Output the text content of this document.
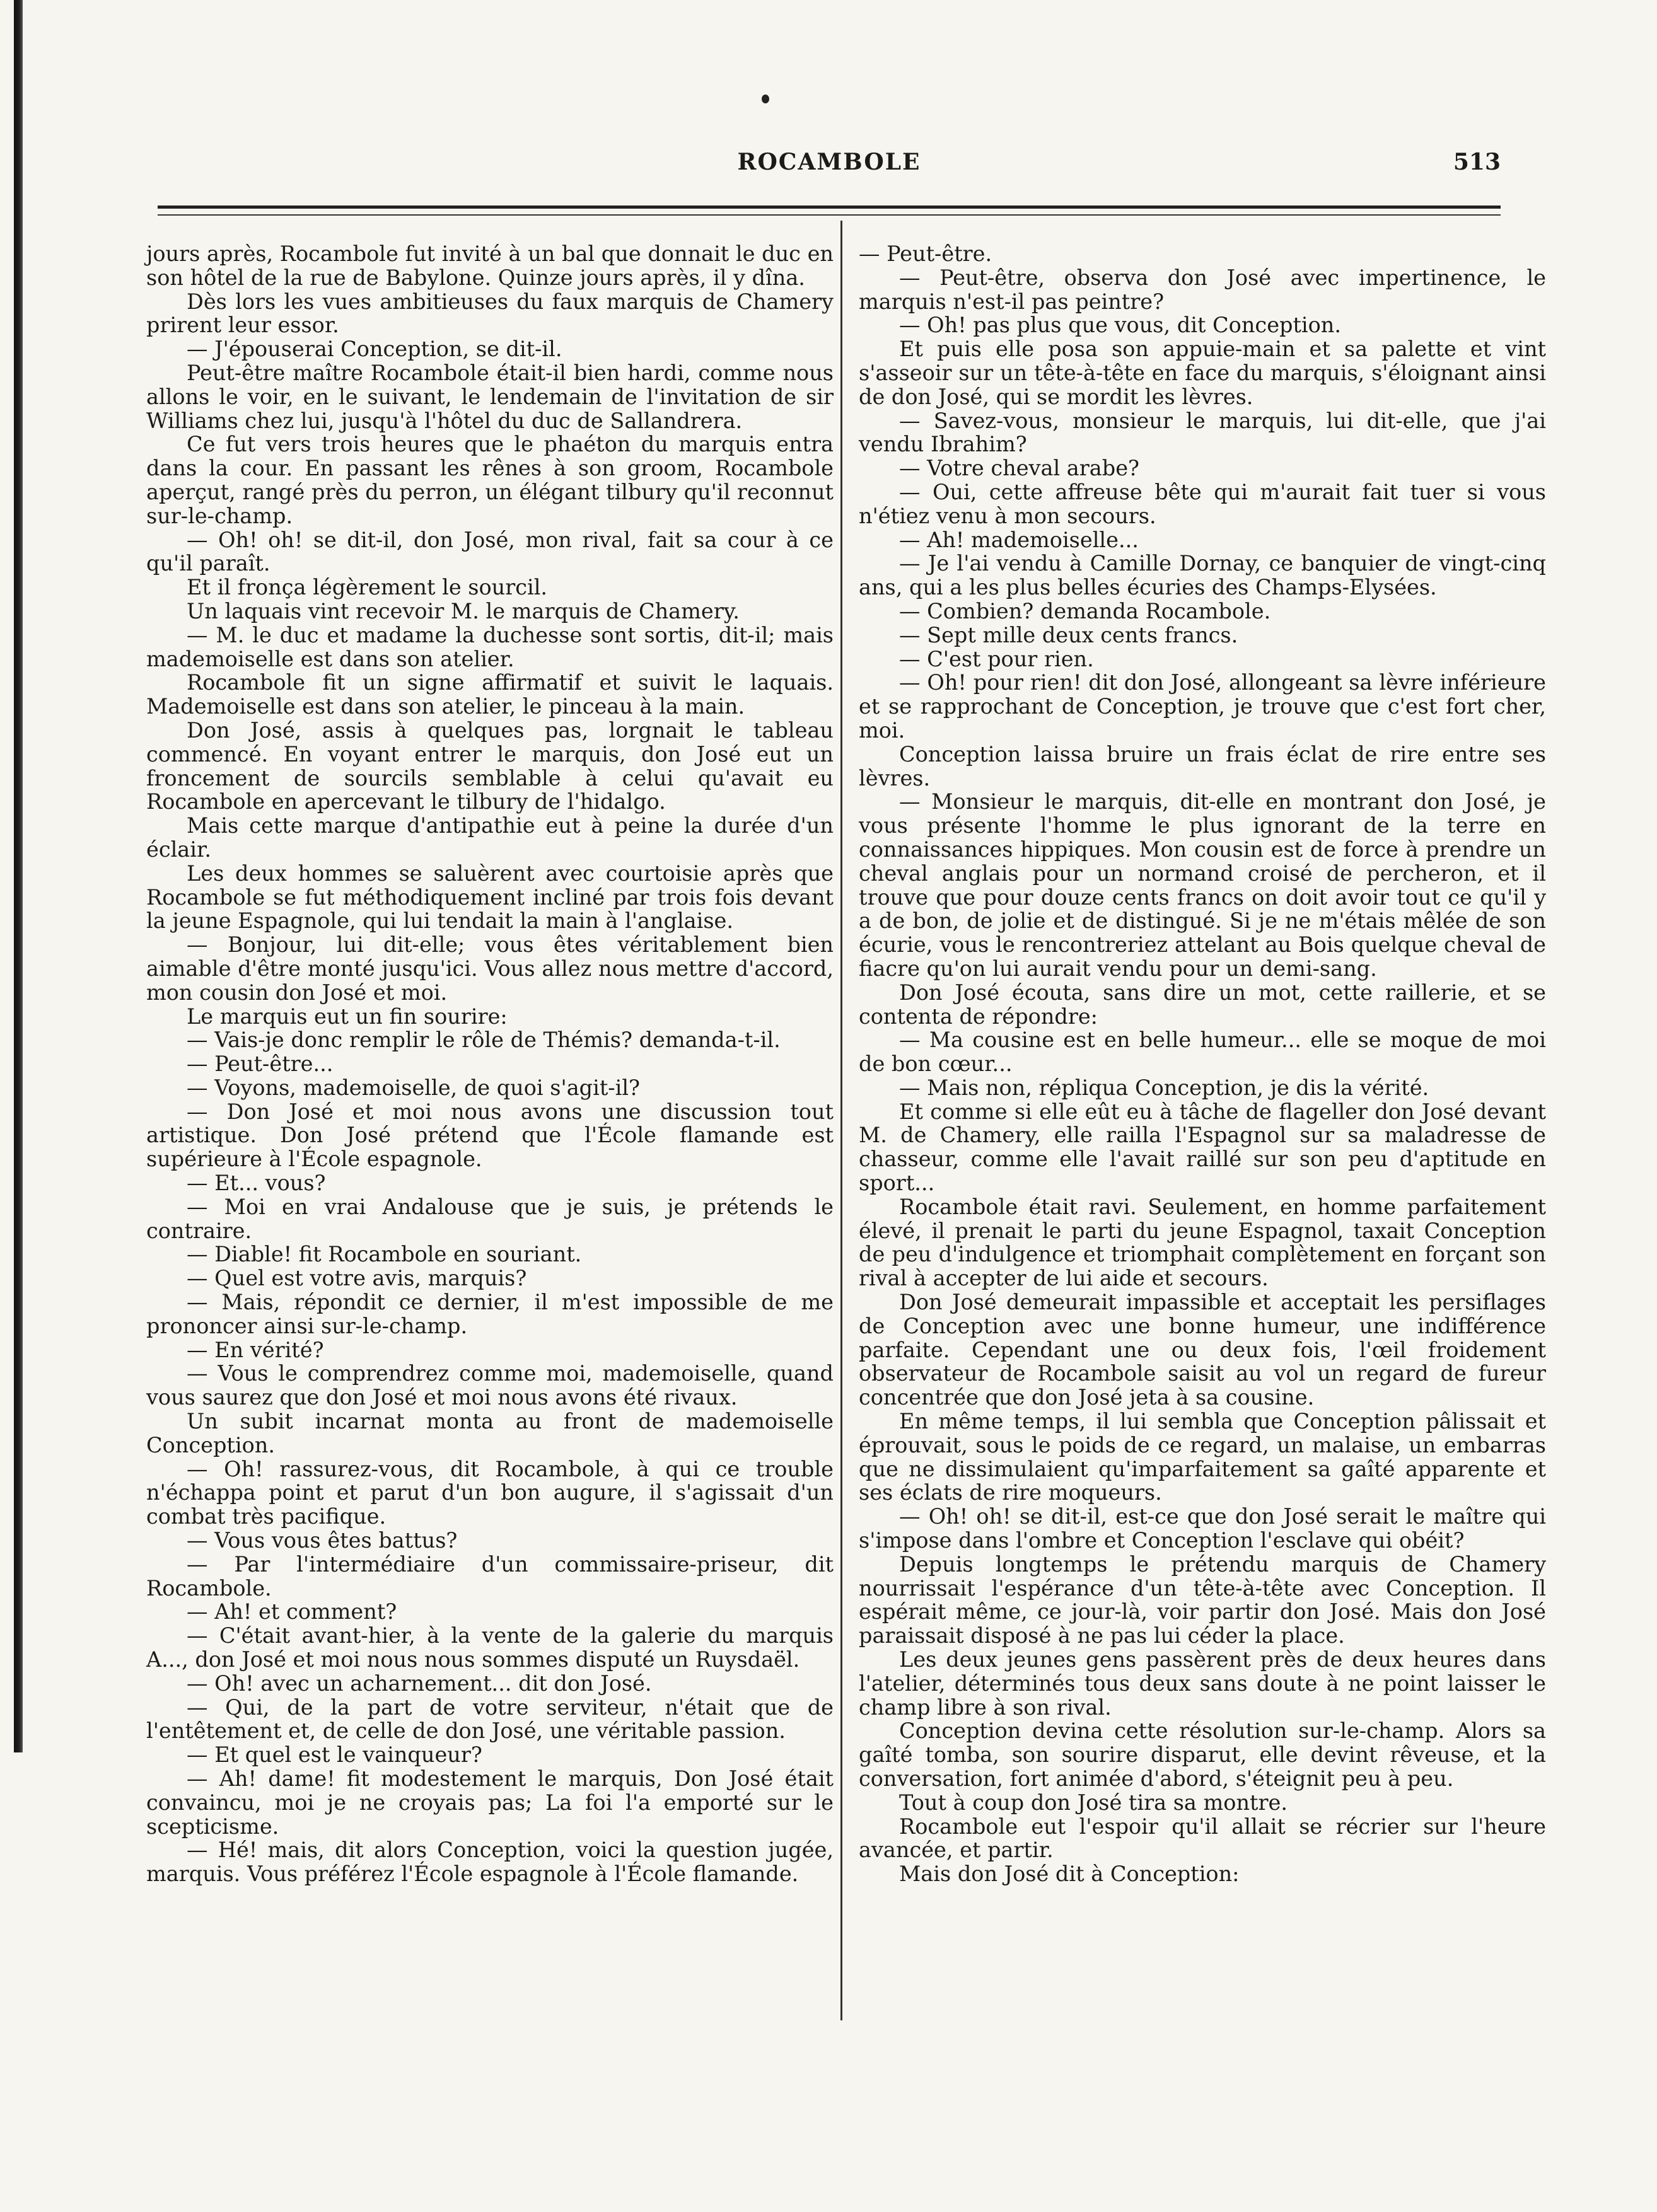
ROCAMBOLE	513

jours après, Rocambole fut invité à un bal que donnait le duc en son hôtel de la rue de Babylone. Quinze jours après, il y dîna.

Dès lors les vues ambitieuses du faux marquis de Chamery prirent leur essor.

— J'épouserai Conception, se dit-il.

Peut-être maître Rocambole était-il bien hardi, comme nous allons le voir, en le suivant, le lendemain de l'invitation de sir Williams chez lui, jusqu'à l'hôtel du duc de Sallandrera.

Ce fut vers trois heures que le phaéton du marquis entra dans la cour. En passant les rênes à son groom, Rocambole aperçut, rangé près du perron, un élégant tilbury qu'il reconnut sur-le-champ.

— Oh! oh! se dit-il, don José, mon rival, fait sa cour à ce qu'il paraît.

Et il fronça légèrement le sourcil.

Un laquais vint recevoir M. le marquis de Chamery.

— M. le duc et madame la duchesse sont sortis, dit-il; mais mademoiselle est dans son atelier.

Rocambole fit un signe affirmatif et suivit le laquais. Mademoiselle est dans son atelier, le pinceau à la main.

Don José, assis à quelques pas, lorgnait le tableau commencé. En voyant entrer le marquis, don José eut un froncement de sourcils semblable à celui qu'avait eu Rocambole en apercevant le tilbury de l'hidalgo.

Mais cette marque d'antipathie eut à peine la durée d'un éclair.

Les deux hommes se saluèrent avec courtoisie après que Rocambole se fut méthodiquement incliné par trois fois devant la jeune Espagnole, qui lui tendait la main à l'anglaise.

— Bonjour, lui dit-elle; vous êtes véritablement bien aimable d'être monté jusqu'ici. Vous allez nous mettre d'accord, mon cousin don José et moi.

Le marquis eut un fin sourire:

— Vais-je donc remplir le rôle de Thémis? demanda-t-il.

— Peut-être...

— Voyons, mademoiselle, de quoi s'agit-il?

— Don José et moi nous avons une discussion tout artistique. Don José prétend que l'École flamande est supérieure à l'École espagnole.

— Et... vous?

— Moi en vrai Andalouse que je suis, je prétends le contraire.

— Diable! fit Rocambole en souriant.

— Quel est votre avis, marquis?

— Mais, répondit ce dernier, il m'est impossible de me prononcer ainsi sur-le-champ.

— En vérité?

— Vous le comprendrez comme moi, mademoiselle, quand vous saurez que don José et moi nous avons été rivaux.

Un subit incarnat monta au front de mademoiselle Conception.

— Oh! rassurez-vous, dit Rocambole, à qui ce trouble n'échappa point et parut d'un bon augure, il s'agissait d'un combat très pacifique.

— Vous vous êtes battus?

— Par l'intermédiaire d'un commissaire-priseur, dit Rocambole.

— Ah! et comment?

— C'était avant-hier, à la vente de la galerie du marquis A..., don José et moi nous nous sommes disputé un Ruysdaël.

— Oh! avec un acharnement... dit don José.

— Qui, de la part de votre serviteur, n'était que de l'entêtement et, de celle de don José, une véritable passion.

— Et quel est le vainqueur?

— Ah! dame! fit modestement le marquis, Don José était convaincu, moi je ne croyais pas; La foi l'a emporté sur le scepticisme.

— Hé! mais, dit alors Conception, voici la question jugée, marquis. Vous préférez l'École espagnole à l'École flamande.

— Peut-être.

— Peut-être, observa don José avec impertinence, le marquis n'est-il pas peintre?

— Oh! pas plus que vous, dit Conception.

Et puis elle posa son appuie-main et sa palette et vint s'asseoir sur un tête-à-tête en face du marquis, s'éloignant ainsi de don José, qui se mordit les lèvres.

— Savez-vous, monsieur le marquis, lui dit-elle, que j'ai vendu Ibrahim?

— Votre cheval arabe?

— Oui, cette affreuse bête qui m'aurait fait tuer si vous n'étiez venu à mon secours.

— Ah! mademoiselle...

— Je l'ai vendu à Camille Dornay, ce banquier de vingt-cinq ans, qui a les plus belles écuries des Champs-Elysées.

— Combien? demanda Rocambole.

— Sept mille deux cents francs.

— C'est pour rien.

— Oh! pour rien! dit don José, allongeant sa lèvre inférieure et se rapprochant de Conception, je trouve que c'est fort cher, moi.

Conception laissa bruire un frais éclat de rire entre ses lèvres.

— Monsieur le marquis, dit-elle en montrant don José, je vous présente l'homme le plus ignorant de la terre en connaissances hippiques. Mon cousin est de force à prendre un cheval anglais pour un normand croisé de percheron, et il trouve que pour douze cents francs on doit avoir tout ce qu'il y a de bon, de jolie et de distingué. Si je ne m'étais mêlée de son écurie, vous le rencontreriez attelant au Bois quelque cheval de fiacre qu'on lui aurait vendu pour un demi-sang.

Don José écouta, sans dire un mot, cette raillerie, et se contenta de répondre:

— Ma cousine est en belle humeur... elle se moque de moi de bon cœur...

— Mais non, répliqua Conception, je dis la vérité.

Et comme si elle eût eu à tâche de flageller don José devant M. de Chamery, elle railla l'Espagnol sur sa maladresse de chasseur, comme elle l'avait raillé sur son peu d'aptitude en sport...

Rocambole était ravi. Seulement, en homme parfaitement élevé, il prenait le parti du jeune Espagnol, taxait Conception de peu d'indulgence et triomphait complètement en forçant son rival à accepter de lui aide et secours.

Don José demeurait impassible et acceptait les persiflages de Conception avec une bonne humeur, une indifférence parfaite. Cependant une ou deux fois, l'œil froidement observateur de Rocambole saisit au vol un regard de fureur concentrée que don José jeta à sa cousine.

En même temps, il lui sembla que Conception pâlissait et éprouvait, sous le poids de ce regard, un malaise, un embarras que ne dissimulaient qu'imparfaitement sa gaîté apparente et ses éclats de rire moqueurs.

— Oh! oh! se dit-il, est-ce que don José serait le maître qui s'impose dans l'ombre et Conception l'esclave qui obéit?

Depuis longtemps le prétendu marquis de Chamery nourrissait l'espérance d'un tête-à-tête avec Conception. Il espérait même, ce jour-là, voir partir don José. Mais don José paraissait disposé à ne pas lui céder la place.

Les deux jeunes gens passèrent près de deux heures dans l'atelier, déterminés tous deux sans doute à ne point laisser le champ libre à son rival.

Conception devina cette résolution sur-le-champ. Alors sa gaîté tomba, son sourire disparut, elle devint rêveuse, et la conversation, fort animée d'abord, s'éteignit peu à peu.

Tout à coup don José tira sa montre.

Rocambole eut l'espoir qu'il allait se récrier sur l'heure avancée, et partir.

Mais don José dit à Conception:
